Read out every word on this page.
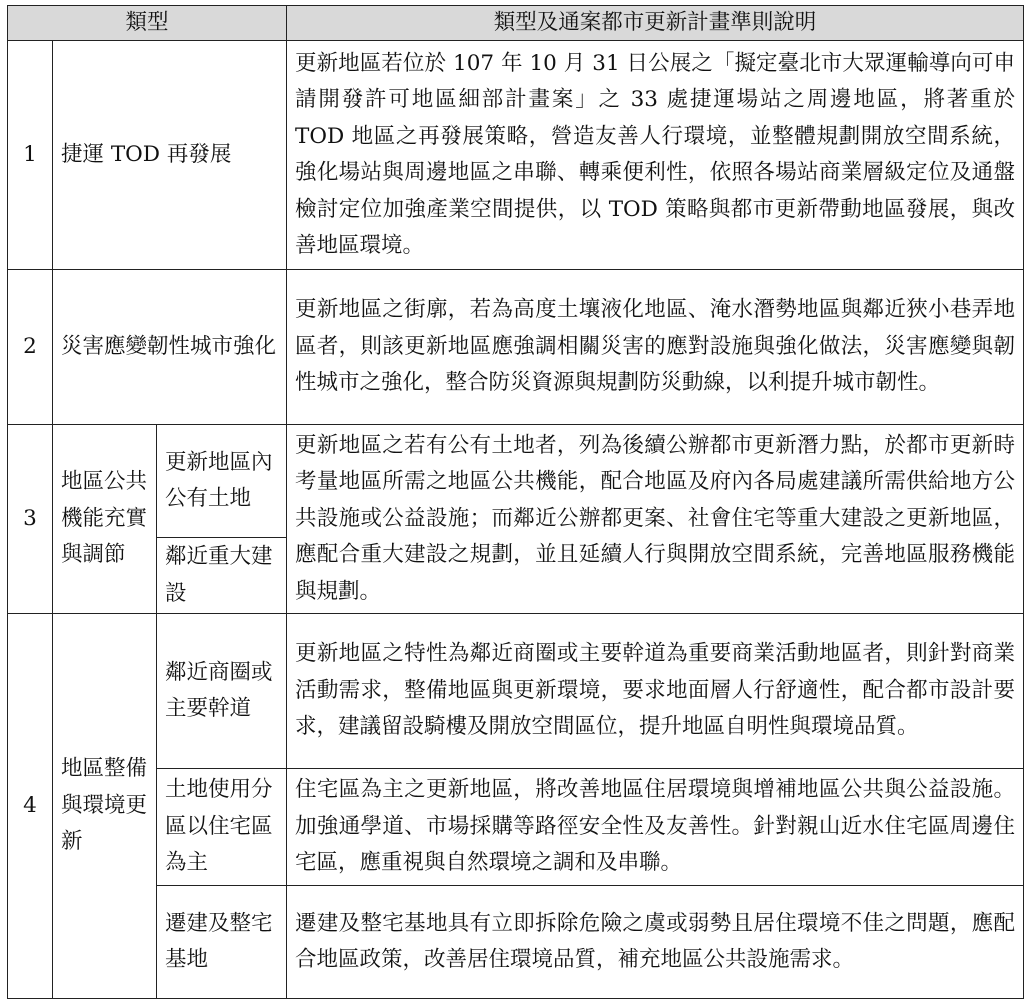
類型			類型及通案都市更新計畫準則說明
1	捷運 TOD 再發展		更新地區若位於 107 年 10 月 31 日公展之「擬定臺北市大眾運輸導向可申請開發許可地區細部計畫案」之 33 處捷運場站之周邊地區，將著重於 TOD 地區之再發展策略，營造友善人行環境，並整體規劃開放空間系統，強化場站與周邊地區之串聯、轉乘便利性，依照各場站商業層級定位及通盤檢討定位加強產業空間提供，以 TOD 策略與都市更新帶動地區發展，與改善地區環境。
2	災害應變韌性城市強化		更新地區之街廓，若為高度土壤液化地區、淹水潛勢地區與鄰近狹小巷弄地區者，則該更新地區應強調相關災害的應對設施與強化做法，災害應變與韌性城市之強化，整合防災資源與規劃防災動線，以利提升城市韌性。
3	地區公共機能充實與調節	更新地區內公有土地	更新地區之若有公有土地者，列為後續公辦都市更新潛力點，於都市更新時考量地區所需之地區公共機能，配合地區及府內各局處建議所需供給地方公共設施或公益設施；而鄰近公辦都更案、社會住宅等重大建設之更新地區，應配合重大建設之規劃，並且延續人行與開放空間系統，完善地區服務機能與規劃。
		鄰近重大建設	
4	地區整備與環境更新	鄰近商圈或主要幹道	更新地區之特性為鄰近商圈或主要幹道為重要商業活動地區者，則針對商業活動需求，整備地區與更新環境，要求地面層人行舒適性，配合都市設計要求，建議留設騎樓及開放空間區位，提升地區自明性與環境品質。
		土地使用分區以住宅區為主	住宅區為主之更新地區，將改善地區住居環境與增補地區公共與公益設施。加強通學道、市場採購等路徑安全性及友善性。針對親山近水住宅區周邊住宅區，應重視與自然環境之調和及串聯。
		遷建及整宅基地	遷建及整宅基地具有立即拆除危險之虞或弱勢且居住環境不佳之問題，應配合地區政策，改善居住環境品質，補充地區公共設施需求。
